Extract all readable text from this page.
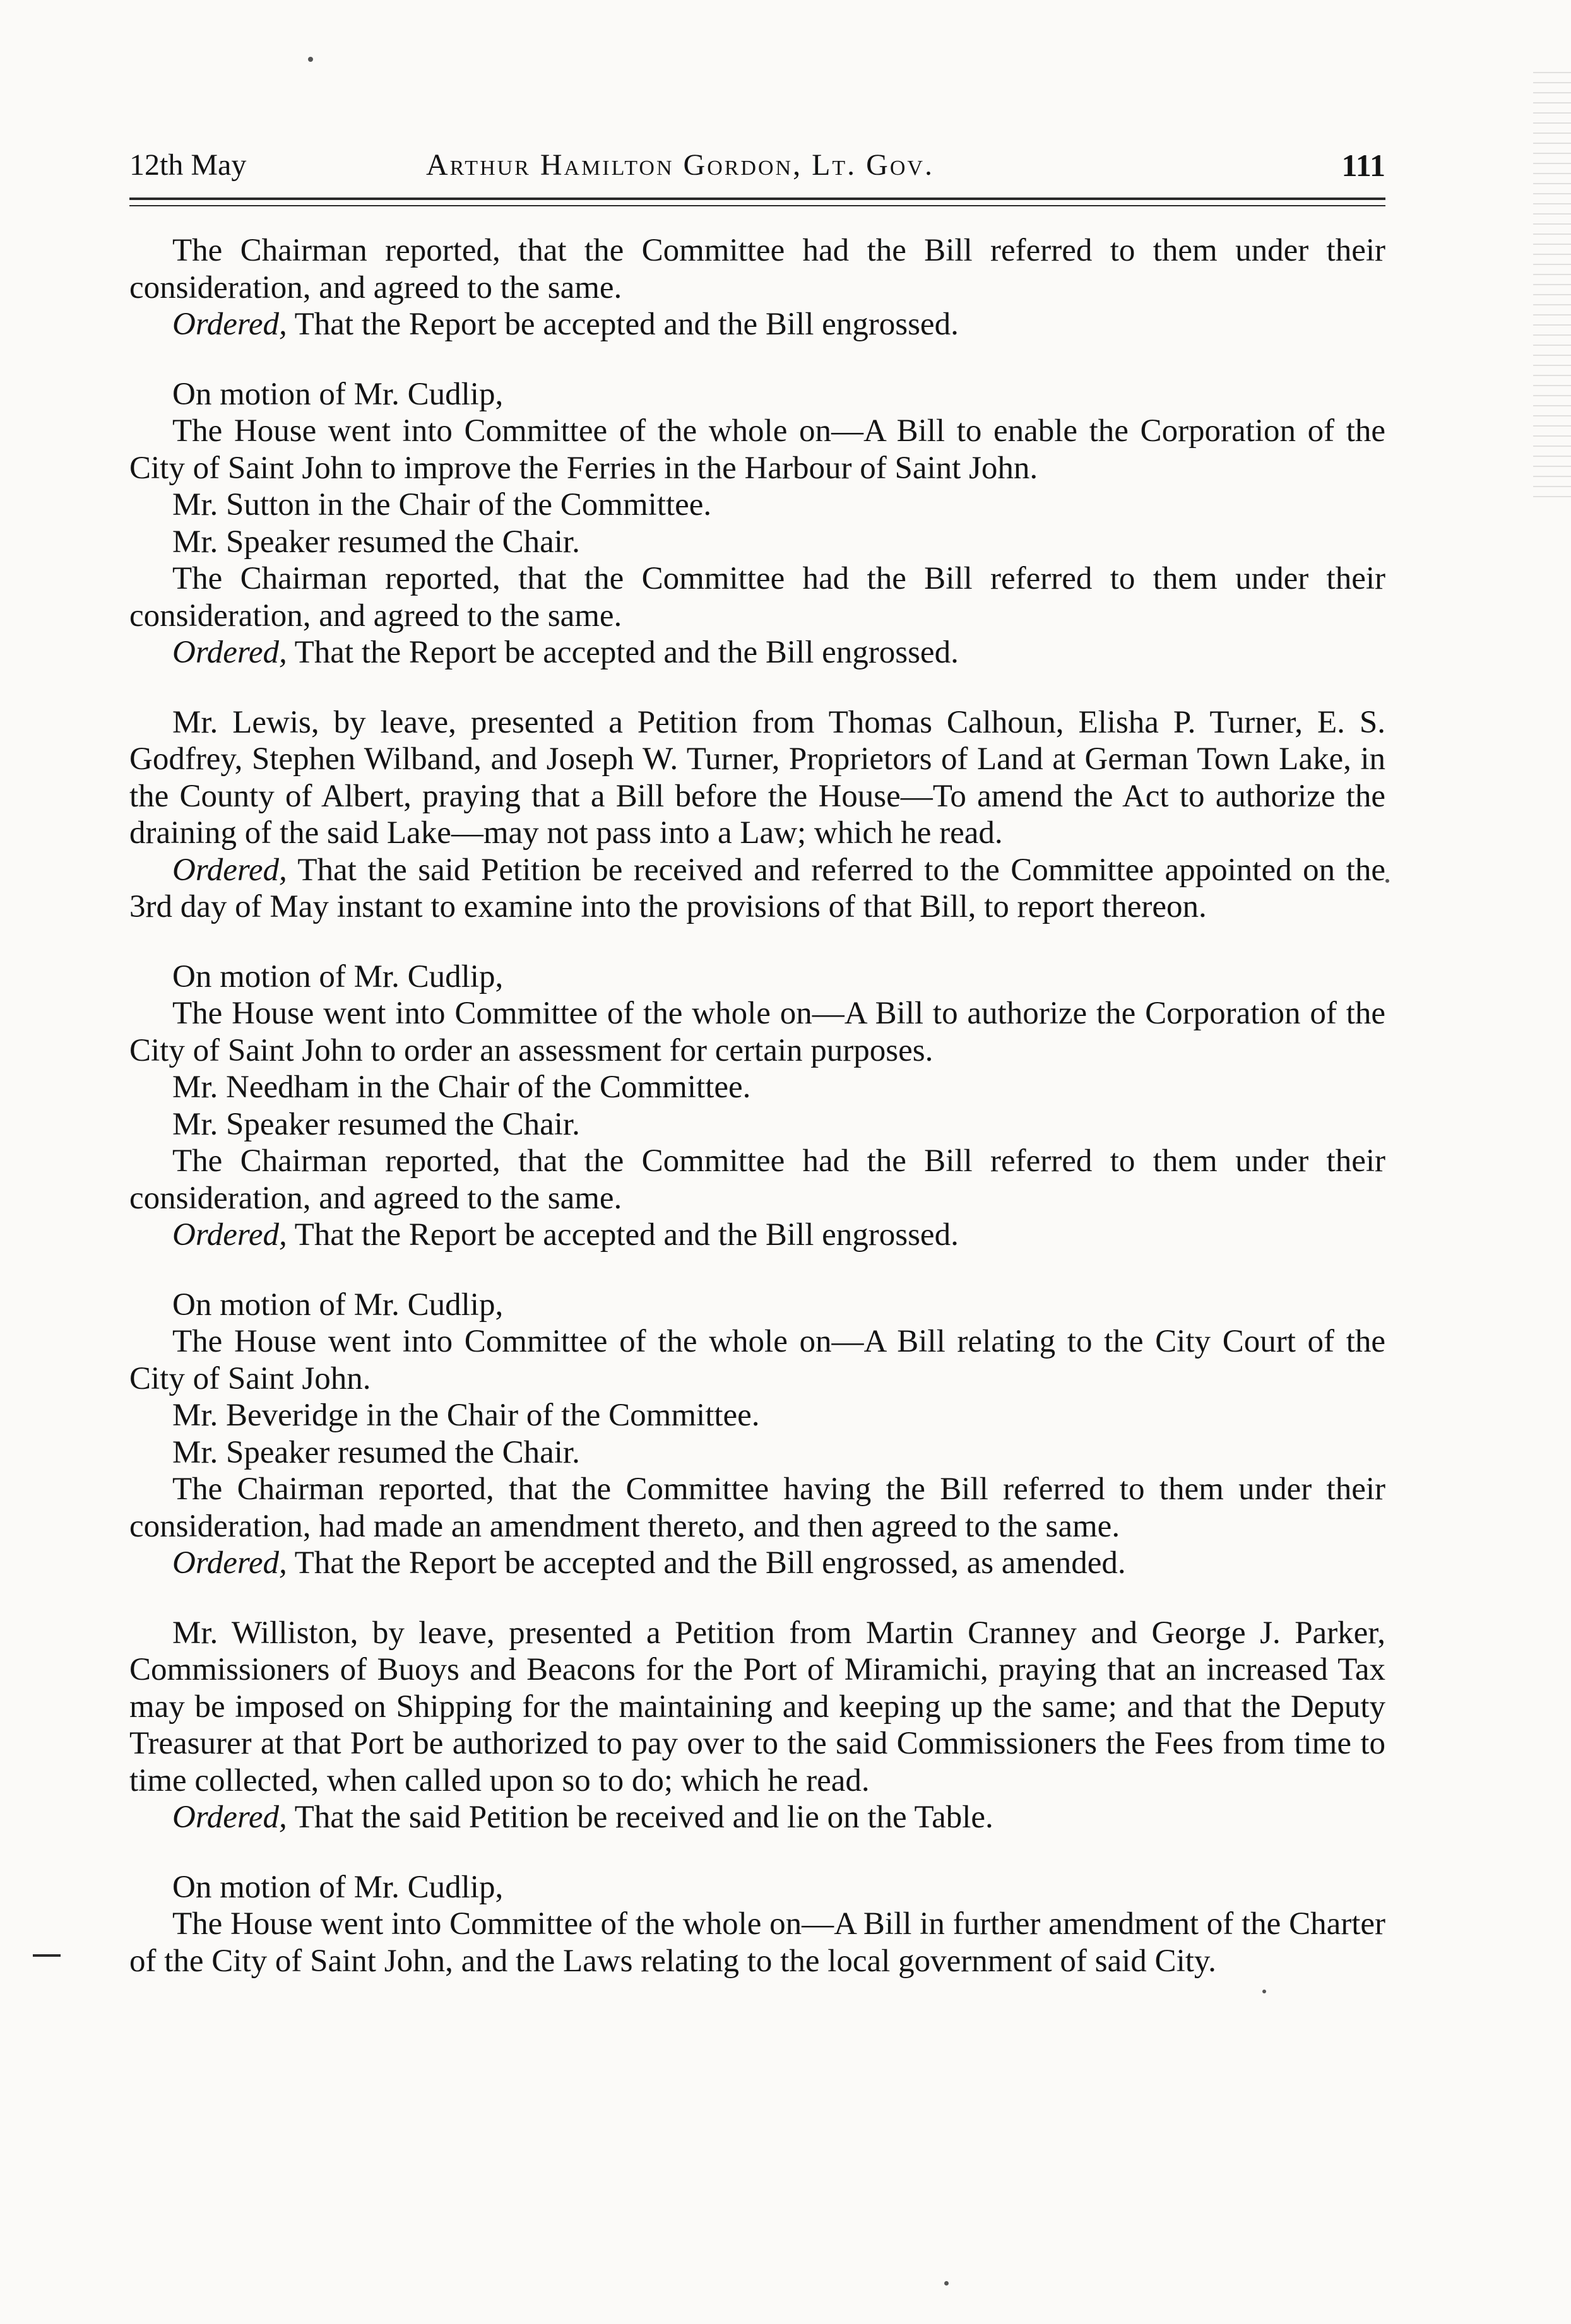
12th May	Arthur Hamilton Gordon, Lt. Gov.	111

The Chairman reported, that the Committee had the Bill referred to them under their consideration, and agreed to the same.

Ordered, That the Report be accepted and the Bill engrossed.

On motion of Mr. Cudlip,

The House went into Committee of the whole on—A Bill to enable the Corporation of the City of Saint John to improve the Ferries in the Harbour of Saint John.

Mr. Sutton in the Chair of the Committee.

Mr. Speaker resumed the Chair.

The Chairman reported, that the Committee had the Bill referred to them under their consideration, and agreed to the same.

Ordered, That the Report be accepted and the Bill engrossed.

Mr. Lewis, by leave, presented a Petition from Thomas Calhoun, Elisha P. Turner, E. S. Godfrey, Stephen Wilband, and Joseph W. Turner, Proprietors of Land at German Town Lake, in the County of Albert, praying that a Bill before the House—To amend the Act to authorize the draining of the said Lake—may not pass into a Law; which he read.

Ordered, That the said Petition be received and referred to the Committee appointed on the 3rd day of May instant to examine into the provisions of that Bill, to report thereon.

On motion of Mr. Cudlip,

The House went into Committee of the whole on—A Bill to authorize the Corporation of the City of Saint John to order an assessment for certain purposes.

Mr. Needham in the Chair of the Committee.

Mr. Speaker resumed the Chair.

The Chairman reported, that the Committee had the Bill referred to them under their consideration, and agreed to the same.

Ordered, That the Report be accepted and the Bill engrossed.

On motion of Mr. Cudlip,

The House went into Committee of the whole on—A Bill relating to the City Court of the City of Saint John.

Mr. Beveridge in the Chair of the Committee.

Mr. Speaker resumed the Chair.

The Chairman reported, that the Committee having the Bill referred to them under their consideration, had made an amendment thereto, and then agreed to the same.

Ordered, That the Report be accepted and the Bill engrossed, as amended.

Mr. Williston, by leave, presented a Petition from Martin Cranney and George J. Parker, Commissioners of Buoys and Beacons for the Port of Miramichi, praying that an increased Tax may be imposed on Shipping for the maintaining and keeping up the same; and that the Deputy Treasurer at that Port be authorized to pay over to the said Commissioners the Fees from time to time collected, when called upon so to do; which he read.

Ordered, That the said Petition be received and lie on the Table.

On motion of Mr. Cudlip,

The House went into Committee of the whole on—A Bill in further amendment of the Charter of the City of Saint John, and the Laws relating to the local government of said City.
